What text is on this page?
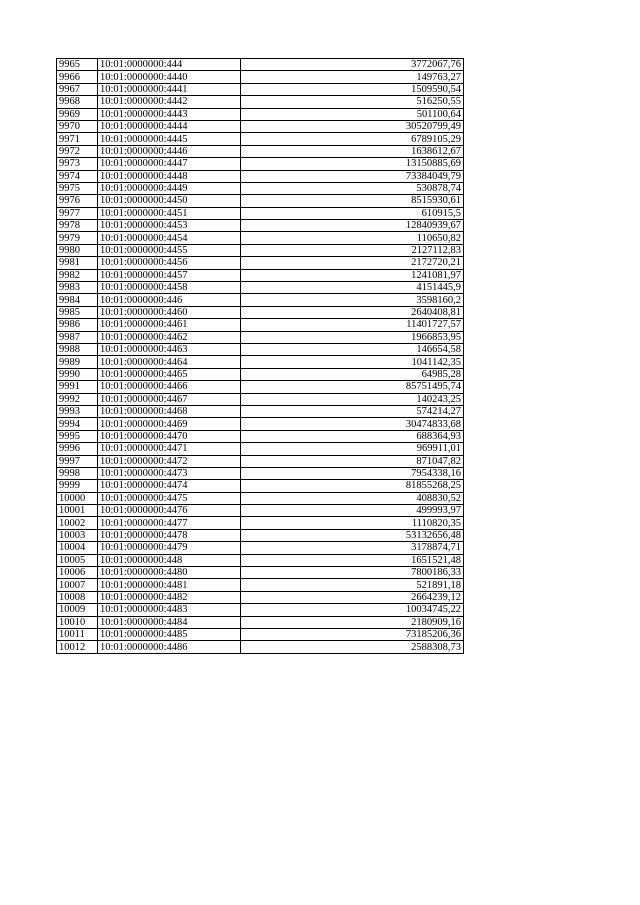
9965	10:01:0000000:444	3772067,76
9966	10:01:0000000:4440	149763,27
9967	10:01:0000000:4441	1509590,54
9968	10:01:0000000:4442	516250,55
9969	10:01:0000000:4443	501100,64
9970	10:01:0000000:4444	30520799,49
9971	10:01:0000000:4445	6789105,29
9972	10:01:0000000:4446	1638612,67
9973	10:01:0000000:4447	13150885,69
9974	10:01:0000000:4448	73384049,79
9975	10:01:0000000:4449	530878,74
9976	10:01:0000000:4450	8515930,61
9977	10:01:0000000:4451	610915,5
9978	10:01:0000000:4453	12840939,67
9979	10:01:0000000:4454	110650,82
9980	10:01:0000000:4455	2127112,83
9981	10:01:0000000:4456	2172720,21
9982	10:01:0000000:4457	1241081,97
9983	10:01:0000000:4458	4151445,9
9984	10:01:0000000:446	3598160,2
9985	10:01:0000000:4460	2640408,81
9986	10:01:0000000:4461	11401727,57
9987	10:01:0000000:4462	1966853,95
9988	10:01:0000000:4463	146654,58
9989	10:01:0000000:4464	1041142,35
9990	10:01:0000000:4465	64985,28
9991	10:01:0000000:4466	85751495,74
9992	10:01:0000000:4467	140243,25
9993	10:01:0000000:4468	574214,27
9994	10:01:0000000:4469	30474833,68
9995	10:01:0000000:4470	688364,93
9996	10:01:0000000:4471	969911,01
9997	10:01:0000000:4472	871047,82
9998	10:01:0000000:4473	7954338,16
9999	10:01:0000000:4474	81855268,25
10000	10:01:0000000:4475	408830,52
10001	10:01:0000000:4476	499993,97
10002	10:01:0000000:4477	1110820,35
10003	10:01:0000000:4478	53132656,48
10004	10:01:0000000:4479	3178874,71
10005	10:01:0000000:448	1651521,48
10006	10:01:0000000:4480	7800186,33
10007	10:01:0000000:4481	521891,18
10008	10:01:0000000:4482	2664239,12
10009	10:01:0000000:4483	10034745,22
10010	10:01:0000000:4484	2180909,16
10011	10:01:0000000:4485	73185206,36
10012	10:01:0000000:4486	2588308,73
